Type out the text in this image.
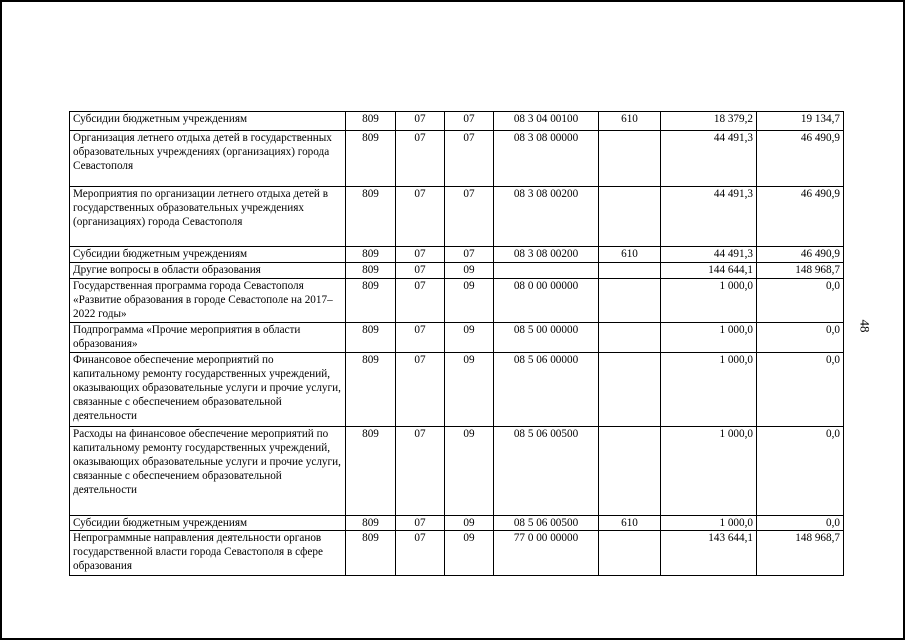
Субсидии бюджетным учреждениям	809	07	07	08 3 04 00100	610	18 379,2	19 134,7
Организация летнего отдыха детей в государственных образовательных учреждениях (организациях) города Севастополя	809	07	07	08 3 08 00000		44 491,3	46 490,9
Мероприятия по организации летнего отдыха детей в государственных образовательных учреждениях (организациях) города Севастополя	809	07	07	08 3 08 00200		44 491,3	46 490,9
Субсидии бюджетным учреждениям	809	07	07	08 3 08 00200	610	44 491,3	46 490,9
Другие вопросы в области образования	809	07	09			144 644,1	148 968,7
Государственная программа города Севастополя «Развитие образования в городе Севастополе на 2017–2022 годы»	809	07	09	08 0 00 00000		1 000,0	0,0
Подпрограмма «Прочие мероприятия в области образования»	809	07	09	08 5 00 00000		1 000,0	0,0
Финансовое обеспечение мероприятий по капитальному ремонту государственных учреждений, оказывающих образовательные услуги и прочие услуги, связанные с обеспечением образовательной деятельности	809	07	09	08 5 06 00000		1 000,0	0,0
Расходы на финансовое обеспечение мероприятий по капитальному ремонту государственных учреждений, оказывающих образовательные услуги и прочие услуги, связанные с обеспечением образовательной деятельности	809	07	09	08 5 06 00500		1 000,0	0,0
Субсидии бюджетным учреждениям	809	07	09	08 5 06 00500	610	1 000,0	0,0
Непрограммные направления деятельности органов государственной власти города Севастополя в сфере образования	809	07	09	77 0 00 00000		143 644,1	148 968,7
48
